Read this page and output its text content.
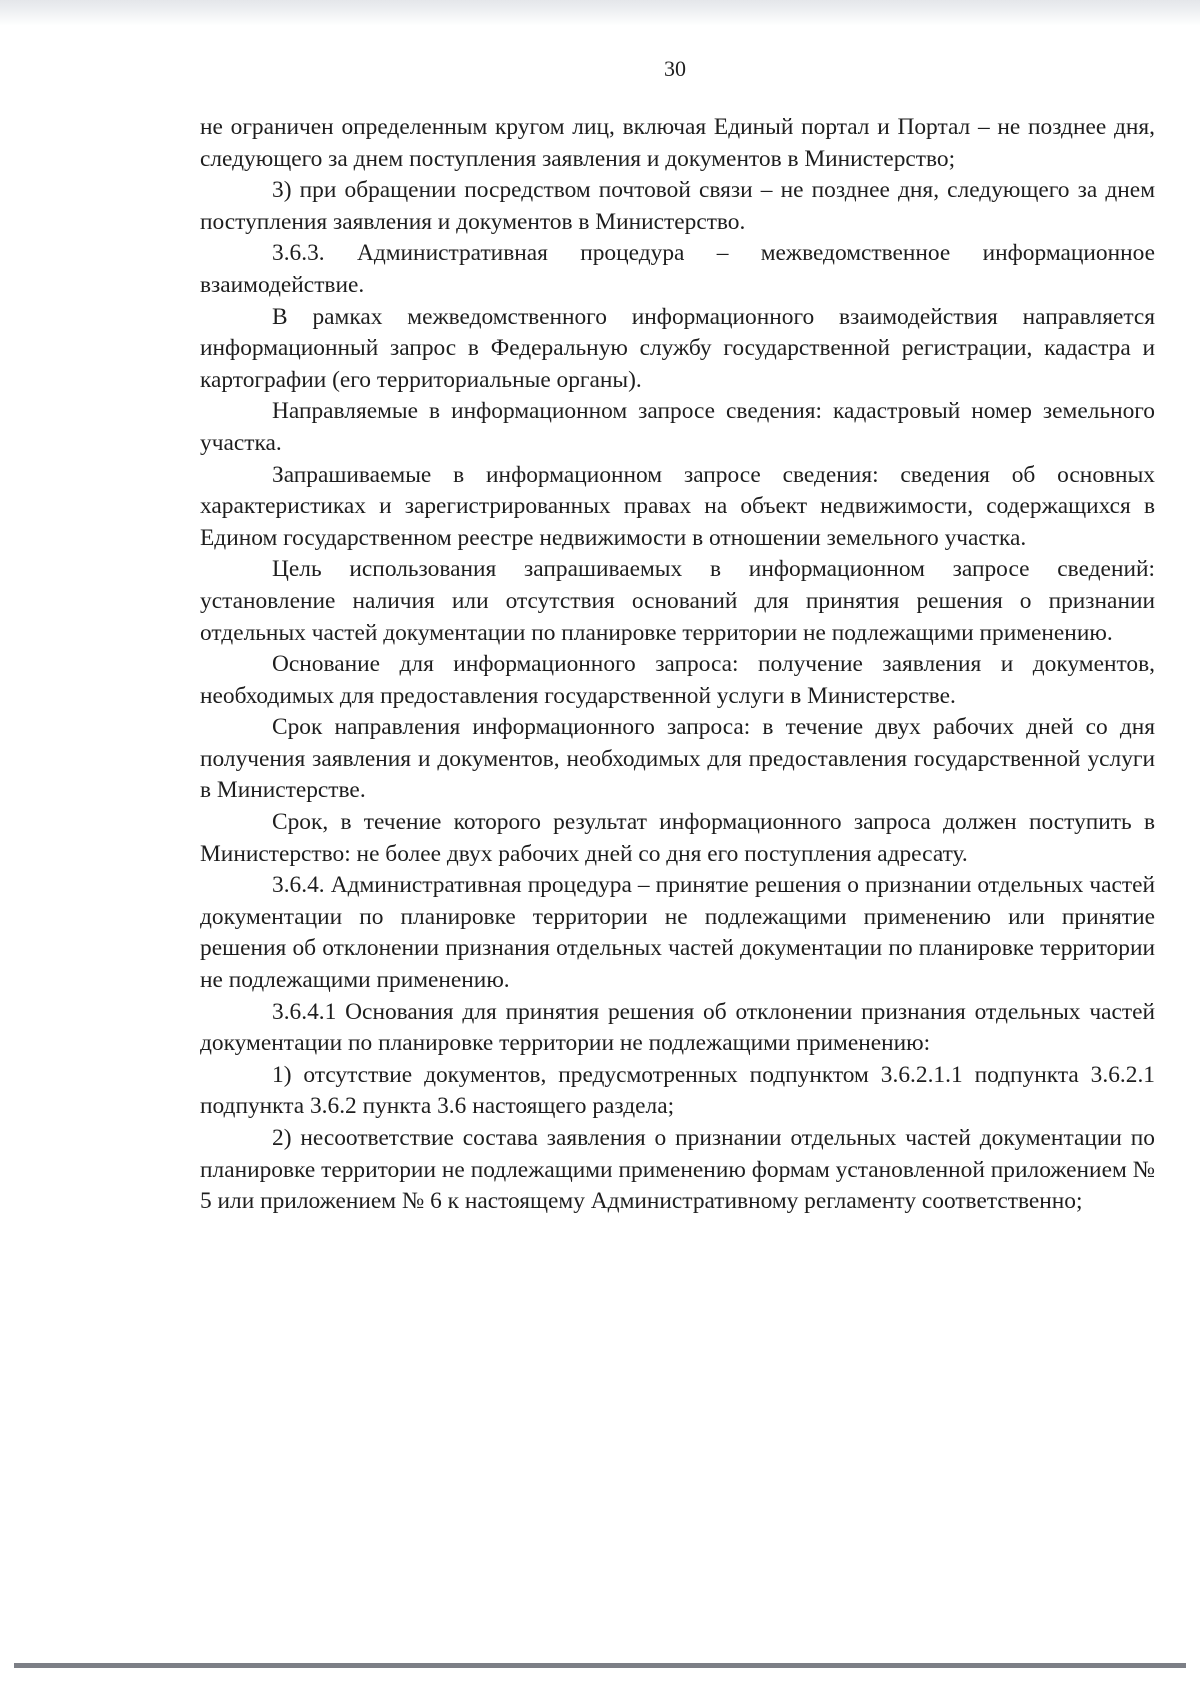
30

не ограничен определенным кругом лиц, включая Единый портал и Портал – не позднее дня, следующего за днем поступления заявления и документов в Министерство;

3) при обращении посредством почтовой связи – не позднее дня, следующего за днем поступления заявления и документов в Министерство.

3.6.3. Административная процедура – межведомственное информационное взаимодействие.

В рамках межведомственного информационного взаимодействия направляется информационный запрос в Федеральную службу государственной регистрации, кадастра и картографии (его территориальные органы).

Направляемые в информационном запросе сведения: кадастровый номер земельного участка.

Запрашиваемые в информационном запросе сведения: сведения об основных характеристиках и зарегистрированных правах на объект недвижимости, содержащихся в Едином государственном реестре недвижимости в отношении земельного участка.

Цель использования запрашиваемых в информационном запросе сведений: установление наличия или отсутствия оснований для принятия решения о признании отдельных частей документации по планировке территории не подлежащими применению.

Основание для информационного запроса: получение заявления и документов, необходимых для предоставления государственной услуги в Министерстве.

Срок направления информационного запроса: в течение двух рабочих дней со дня получения заявления и документов, необходимых для предоставления государственной услуги в Министерстве.

Срок, в течение которого результат информационного запроса должен поступить в Министерство: не более двух рабочих дней со дня его поступления адресату.

3.6.4. Административная процедура – принятие решения о признании отдельных частей документации по планировке территории не подлежащими применению или принятие решения об отклонении признания отдельных частей документации по планировке территории не подлежащими применению.

3.6.4.1 Основания для принятия решения об отклонении признания отдельных частей документации по планировке территории не подлежащими применению:

1) отсутствие документов, предусмотренных подпунктом 3.6.2.1.1 подпункта 3.6.2.1 подпункта 3.6.2 пункта 3.6 настоящего раздела;

2) несоответствие состава заявления о признании отдельных частей документации по планировке территории не подлежащими применению формам установленной приложением № 5 или приложением № 6 к настоящему Административному регламенту соответственно;
